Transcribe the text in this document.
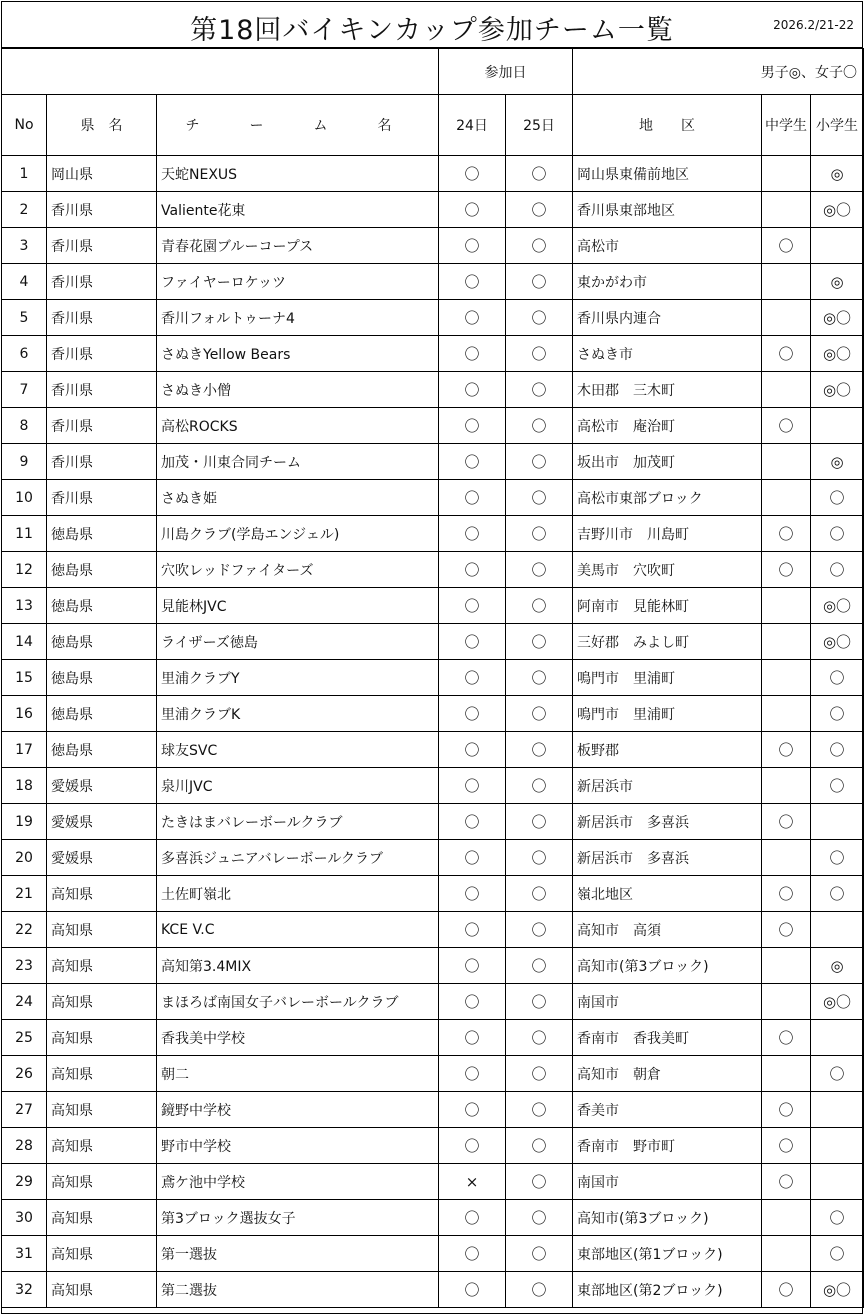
第18回バイキンカップ参加チーム一覧	2026.2/21-22
			参加日		男子◎、女子〇		
No	県　名	チ　ー　ム　名	24日	25日	地　　区	中学生	小学生
1	岡山県	天蛇NEXUS	〇	〇	岡山県東備前地区		◎
2	香川県	Valiente花東	〇	〇	香川県東部地区		◎〇
3	香川県	青春花園ブルーコープス	〇	〇	高松市	〇	
4	香川県	ファイヤーロケッツ	〇	〇	東かがわ市		◎
5	香川県	香川フォルトゥーナ4	〇	〇	香川県内連合		◎〇
6	香川県	さぬきYellow Bears	〇	〇	さぬき市	〇	◎〇
7	香川県	さぬき小僧	〇	〇	木田郡　三木町		◎〇
8	香川県	高松ROCKS	〇	〇	高松市　庵治町	〇	
9	香川県	加茂・川東合同チーム	〇	〇	坂出市　加茂町		◎
10	香川県	さぬき姫	〇	〇	高松市東部ブロック		〇
11	徳島県	川島クラブ(学島エンジェル)	〇	〇	吉野川市　川島町	〇	〇
12	徳島県	穴吹レッドファイターズ	〇	〇	美馬市　穴吹町	〇	〇
13	徳島県	見能林JVC	〇	〇	阿南市　見能林町		◎〇
14	徳島県	ライザーズ徳島	〇	〇	三好郡　みよし町		◎〇
15	徳島県	里浦クラブY	〇	〇	鳴門市　里浦町		〇
16	徳島県	里浦クラブK	〇	〇	鳴門市　里浦町		〇
17	徳島県	球友SVC	〇	〇	板野郡	〇	〇
18	愛媛県	泉川JVC	〇	〇	新居浜市		〇
19	愛媛県	たきはまバレーボールクラブ	〇	〇	新居浜市　多喜浜	〇	
20	愛媛県	多喜浜ジュニアバレーボールクラブ	〇	〇	新居浜市　多喜浜		〇
21	高知県	土佐町嶺北	〇	〇	嶺北地区	〇	〇
22	高知県	KCE V.C	〇	〇	高知市　高須	〇	
23	高知県	高知第3.4MIX	〇	〇	高知市(第3ブロック)		◎
24	高知県	まほろば南国女子バレーボールクラブ	〇	〇	南国市		◎〇
25	高知県	香我美中学校	〇	〇	香南市　香我美町	〇	
26	高知県	朝二	〇	〇	高知市　朝倉		〇
27	高知県	鏡野中学校	〇	〇	香美市	〇	
28	高知県	野市中学校	〇	〇	香南市　野市町	〇	
29	高知県	鳶ケ池中学校	×	〇	南国市	〇	
30	高知県	第3ブロック選抜女子	〇	〇	高知市(第3ブロック)		〇
31	高知県	第一選抜	〇	〇	東部地区(第1ブロック)		〇
32	高知県	第二選抜	〇	〇	東部地区(第2ブロック)	〇	◎〇
